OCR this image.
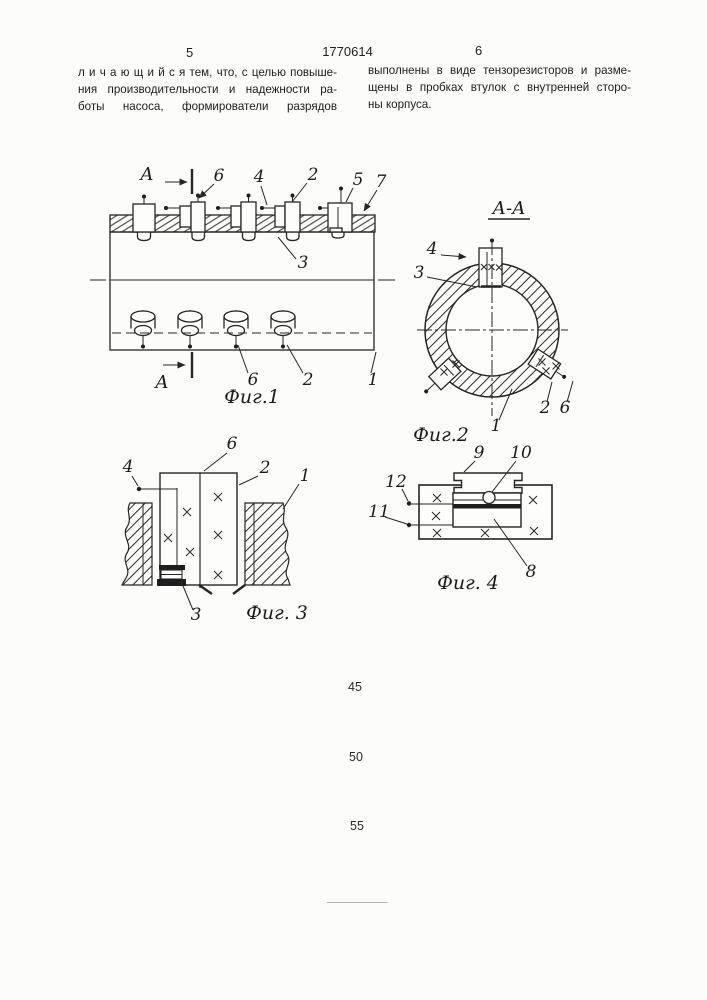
5	1770614	6
л и ч а ю щ и й с я тем, что, с целью повыше-
ния производительности и надежности ра-
боты насоса, формирователи разрядов
выполнены в виде тензорезисторов и разме-
щены в пробках втулок с внутренней сторо-
ны корпуса.
45
50
55
А
А
6 4	2 5 7
3
6	2	1
Фиг.1
А-А
4
3
1
2 6
Фиг.2
4
6
2 1
3 Фиг. 3
12
11
9 10
8
Фиг. 4
